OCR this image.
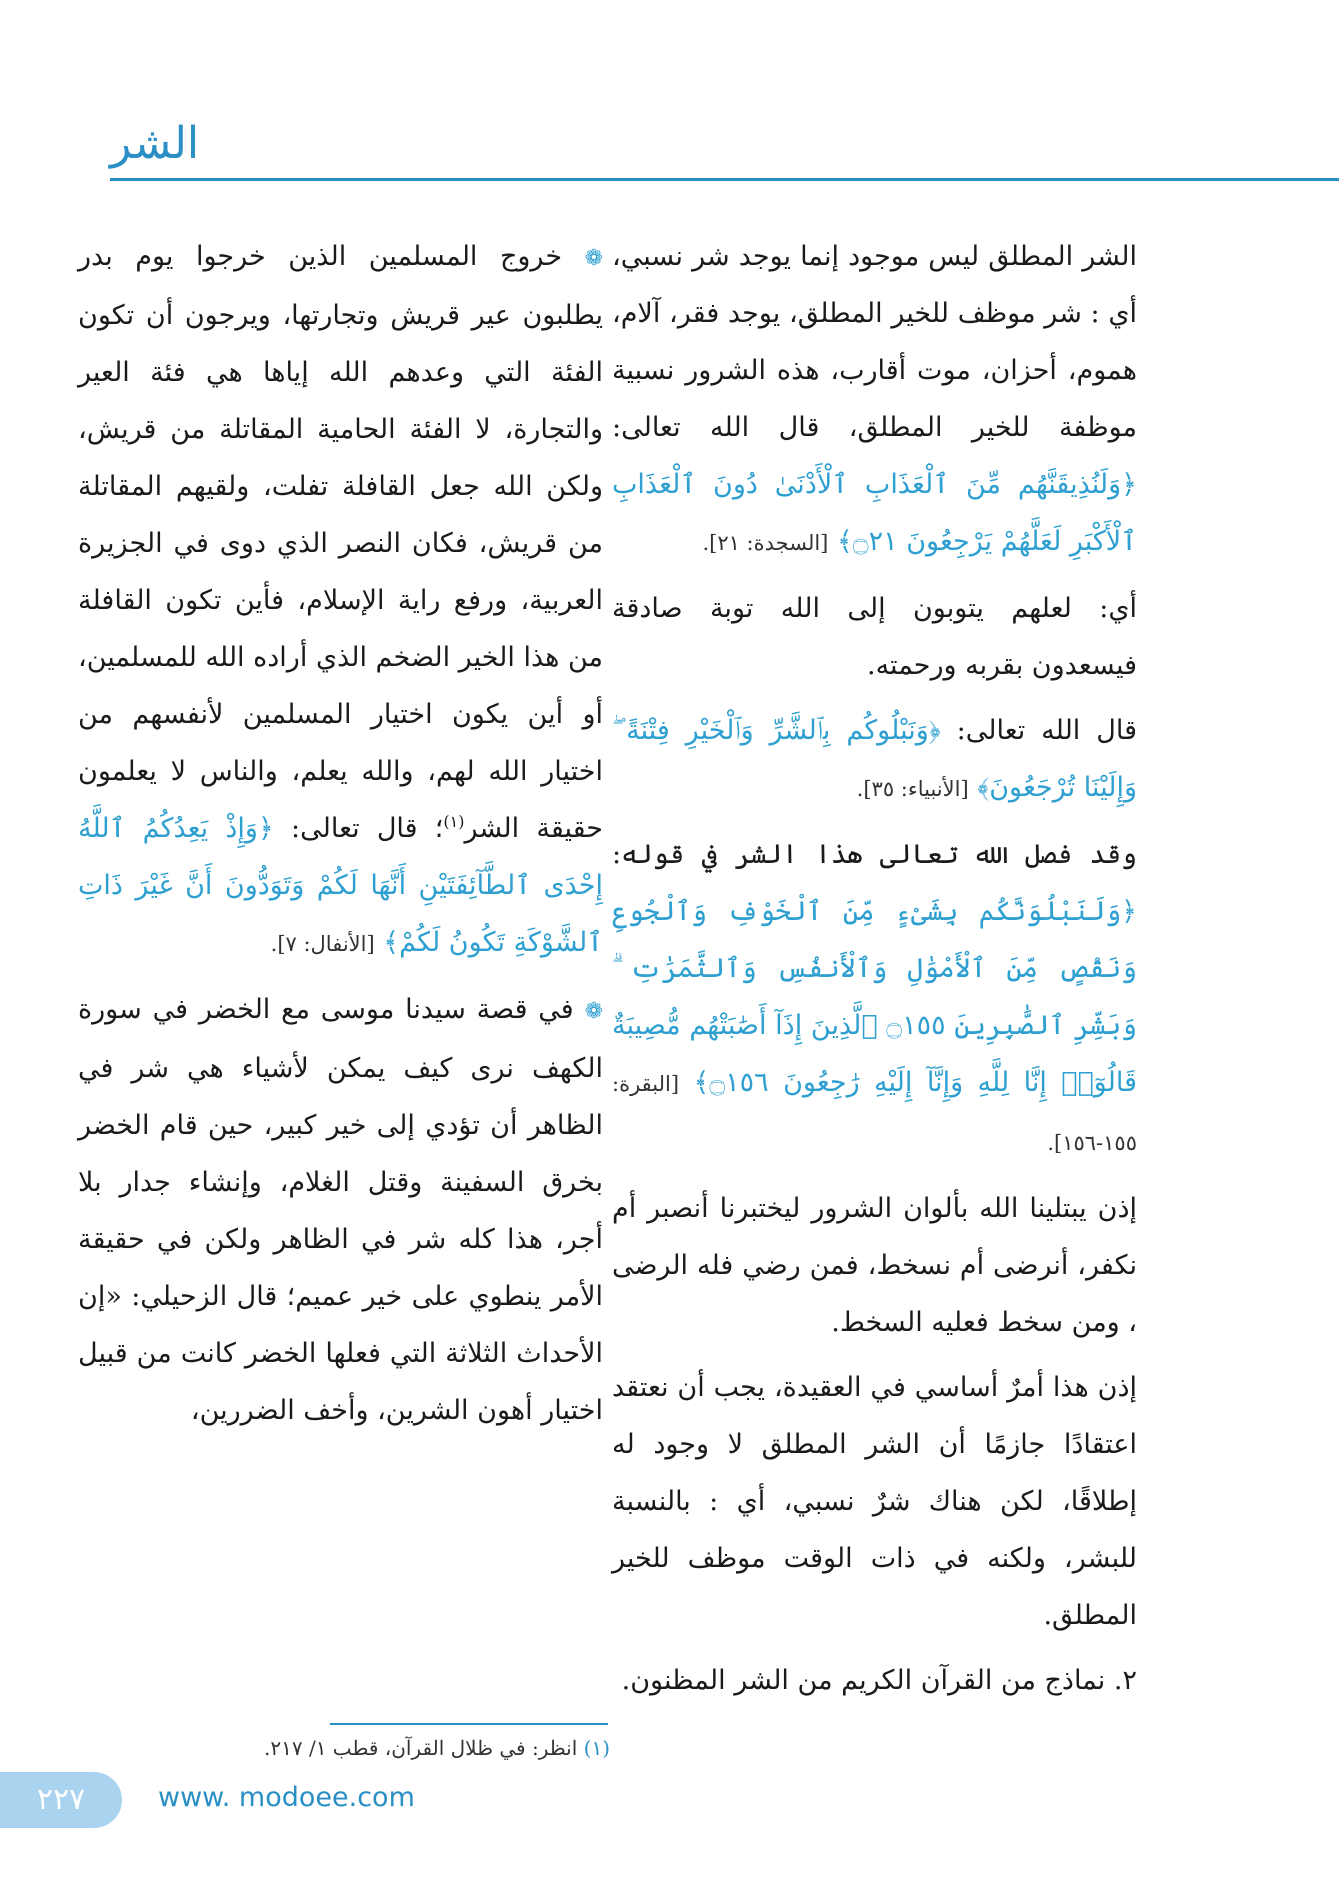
الشر

الشر المطلق ليس موجود إنما يوجد شر نسبي، أي : شر موظف للخير المطلق، يوجد فقر، آلام، هموم، أحزان، موت أقارب، هذه الشرور نسبية موظفة للخير المطلق، قال الله تعالى: ﴿وَلَنُذِيقَنَّهُم مِّنَ ٱلْعَذَابِ ٱلْأَدْنَىٰ دُونَ ٱلْعَذَابِ ٱلْأَكْبَرِ لَعَلَّهُمْ يَرْجِعُونَ ۝٢١﴾ [السجدة: ٢١].

أي: لعلهم يتوبون إلى الله توبة صادقة فيسعدون بقربه ورحمته.

قال الله تعالى: ﴿وَنَبْلُوكُم بِٱلشَّرِّ وَٱلْخَيْرِ فِتْنَةً ۖ وَإِلَيْنَا تُرْجَعُونَ﴾ [الأنبياء: ٣٥].

وقد فصل الله تعالى هذا الشر في قوله: ﴿وَلَنَبْلُوَنَّكُم بِشَىْءٍ مِّنَ ٱلْخَوْفِ وَٱلْجُوعِ وَنَقْصٍ مِّنَ ٱلْأَمْوَٰلِ وَٱلْأَنفُسِ وَٱلثَّمَرَٰتِ ۗ وَبَشِّرِ ٱلصَّٰبِرِينَ ۝١٥٥ ٱلَّذِينَ إِذَآ أَصَٰبَتْهُم مُّصِيبَةٌ قَالُوٓا۟ إِنَّا لِلَّهِ وَإِنَّآ إِلَيْهِ رَٰجِعُونَ ۝١٥٦﴾ [البقرة: ١٥٥-١٥٦].

إذن يبتلينا الله بألوان الشرور ليختبرنا أنصبر أم نكفر، أنرضى أم نسخط، فمن رضي فله الرضى ، ومن سخط فعليه السخط.

إذن هذا أمرٌ أساسي في العقيدة، يجب أن نعتقد اعتقادًا جازمًا أن الشر المطلق لا وجود له إطلاقًا، لكن هناك شرٌ نسبي، أي : بالنسبة للبشر، ولكنه في ذات الوقت موظف للخير المطلق.

٢. نماذج من القرآن الكريم من الشر المظنون.

❁ خروج المسلمين الذين خرجوا يوم بدر يطلبون عير قريش وتجارتها، ويرجون أن تكون الفئة التي وعدهم الله إياها هي فئة العير والتجارة، لا الفئة الحامية المقاتلة من قريش، ولكن الله جعل القافلة تفلت، ولقيهم المقاتلة من قريش، فكان النصر الذي دوى في الجزيرة العربية، ورفع راية الإسلام، فأين تكون القافلة من هذا الخير الضخم الذي أراده الله للمسلمين، أو أين يكون اختيار المسلمين لأنفسهم من اختيار الله لهم، والله يعلم، والناس لا يعلمون حقيقة الشر$^{(١)}$؛ قال تعالى: ﴿وَإِذْ يَعِدُكُمُ ٱللَّهُ إِحْدَى ٱلطَّآئِفَتَيْنِ أَنَّهَا لَكُمْ وَتَوَدُّونَ أَنَّ غَيْرَ ذَاتِ ٱلشَّوْكَةِ تَكُونُ لَكُمْ﴾ [الأنفال: ٧].

❁ في قصة سيدنا موسى مع الخضر في سورة الكهف نرى كيف يمكن لأشياء هي شر في الظاهر أن تؤدي إلى خير كبير، حين قام الخضر بخرق السفينة وقتل الغلام، وإنشاء جدار بلا أجر، هذا كله شر في الظاهر ولكن في حقيقة الأمر ينطوي على خير عميم؛ قال الزحيلي: «إن الأحداث الثلاثة التي فعلها الخضر كانت من قبيل اختيار أهون الشرين، وأخف الضررين،

(١) انظر: في ظلال القرآن، قطب ١/ ٢١٧.
٢٢٧	www. modoee.com
